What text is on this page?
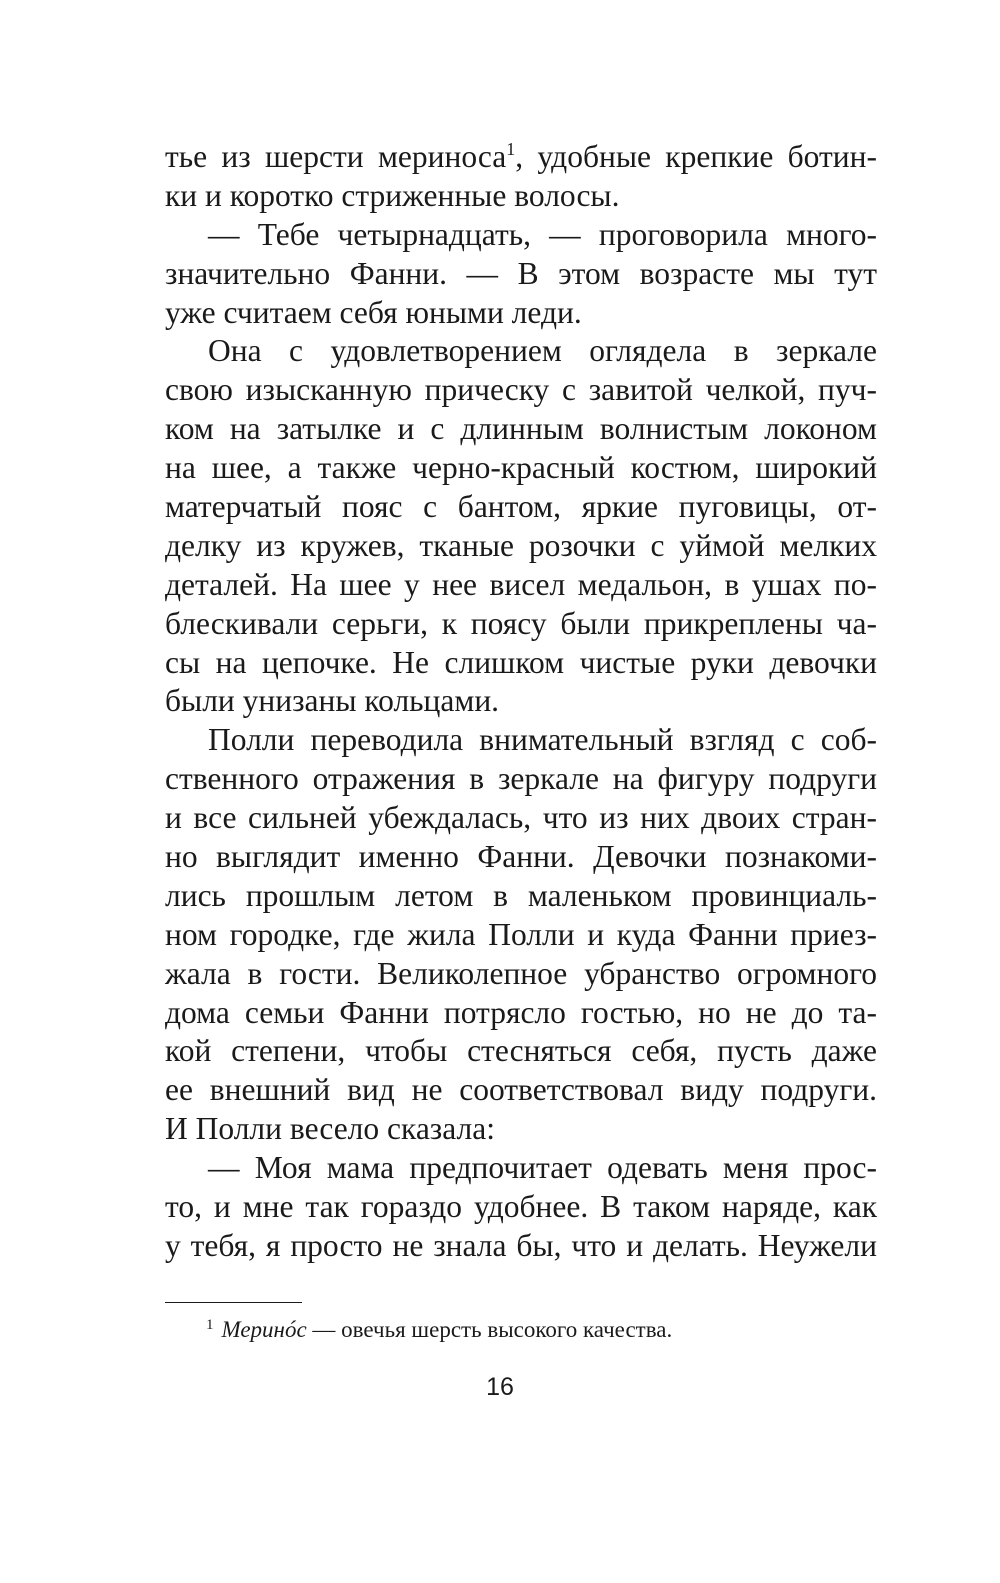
тье из шерсти мериноса$^1$, удобные крепкие ботин-
ки и коротко стриженные волосы.
— Тебе четырнадцать, — проговорила много-
значительно Фанни. — В этом возрасте мы тут
уже считаем себя юными леди.
Она с удовлетворением оглядела в зеркале
свою изысканную прическу с завитой челкой, пуч-
ком на затылке и с длинным волнистым локоном
на шее, а также черно-красный костюм, широкий
матерчатый пояс с бантом, яркие пуговицы, от-
делку из кружев, тканые розочки с уймой мелких
деталей. На шее у нее висел медальон, в ушах по-
блескивали серьги, к поясу были прикреплены ча-
сы на цепочке. Не слишком чистые руки девочки
были унизаны кольцами.
Полли переводила внимательный взгляд с соб-
ственного отражения в зеркале на фигуру подруги
и все сильней убеждалась, что из них двоих стран-
но выглядит именно Фанни. Девочки познакоми-
лись прошлым летом в маленьком провинциаль-
ном городке, где жила Полли и куда Фанни приез-
жала в гости. Великолепное убранство огромного
дома семьи Фанни потрясло гостью, но не до та-
кой степени, чтобы стесняться себя, пусть даже
ее внешний вид не соответствовал виду подруги.
И Полли весело сказала:
— Моя мама предпочитает одевать меня прос-
то, и мне так гораздо удобнее. В таком наряде, как
у тебя, я просто не знала бы, что и делать. Неужели
$^1$ Меринóс — овечья шерсть высокого качества.
16
